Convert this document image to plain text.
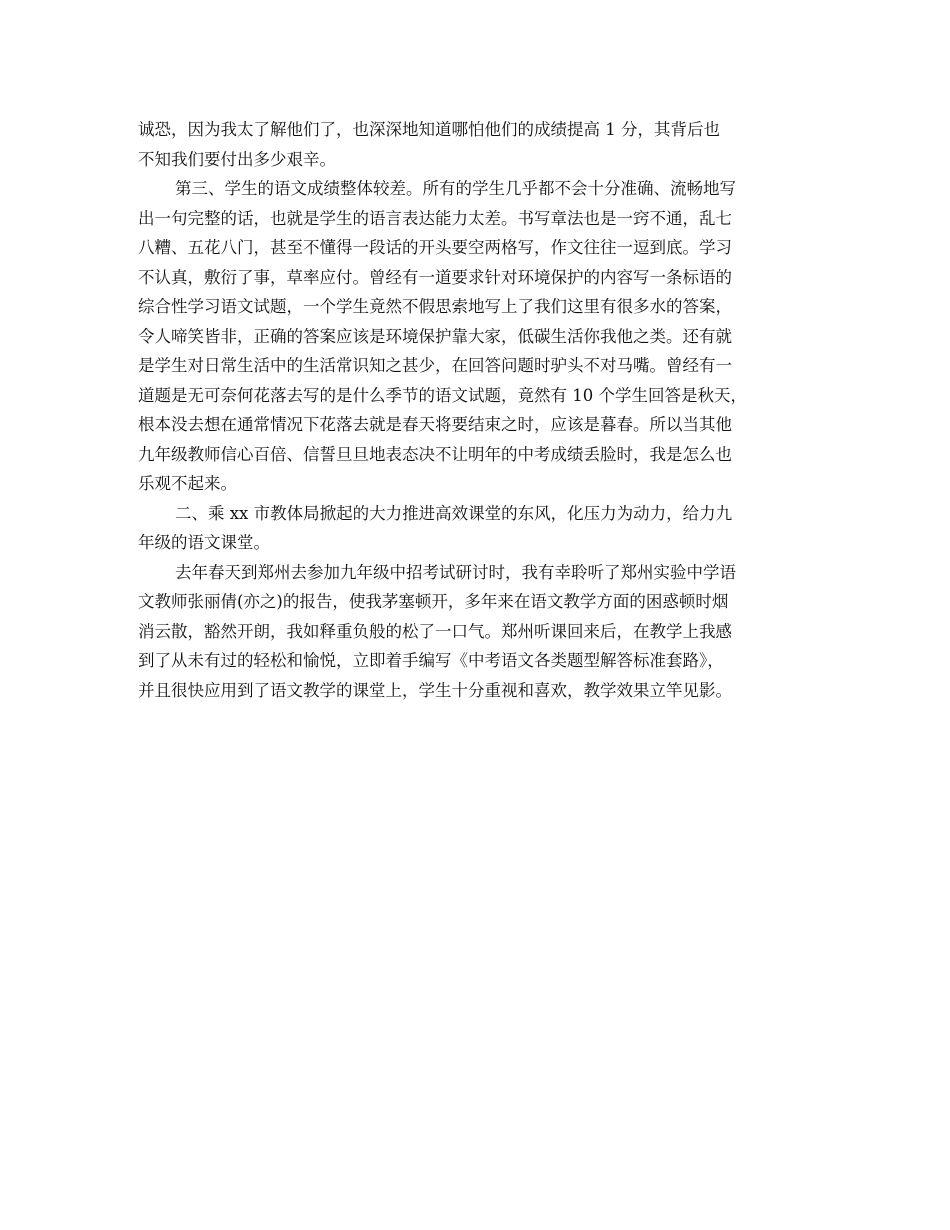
诚恐，因为我太了解他们了，也深深地知道哪怕他们的成绩提高 1 分，其背后也
不知我们要付出多少艰辛。

第三、学生的语文成绩整体较差。所有的学生几乎都不会十分准确、流畅地写
出一句完整的话，也就是学生的语言表达能力太差。书写章法也是一窍不通，乱七
八糟、五花八门，甚至不懂得一段话的开头要空两格写，作文往往一逗到底。学习
不认真，敷衍了事，草率应付。曾经有一道要求针对环境保护的内容写一条标语的
综合性学习语文试题，一个学生竟然不假思索地写上了我们这里有很多水的答案，
令人啼笑皆非，正确的答案应该是环境保护靠大家，低碳生活你我他之类。还有就
是学生对日常生活中的生活常识知之甚少，在回答问题时驴头不对马嘴。曾经有一
道题是无可奈何花落去写的是什么季节的语文试题，竟然有 10 个学生回答是秋天，
根本没去想在通常情况下花落去就是春天将要结束之时，应该是暮春。所以当其他
九年级教师信心百倍、信誓旦旦地表态决不让明年的中考成绩丢脸时，我是怎么也
乐观不起来。

二、乘 xx 市教体局掀起的大力推进高效课堂的东风，化压力为动力，给力九
年级的语文课堂。

去年春天到郑州去参加九年级中招考试研讨时，我有幸聆听了郑州实验中学语
文教师张丽倩(亦之)的报告，使我茅塞顿开，多年来在语文教学方面的困惑顿时烟
消云散，豁然开朗，我如释重负般的松了一口气。郑州听课回来后，在教学上我感
到了从未有过的轻松和愉悦，立即着手编写《中考语文各类题型解答标准套路》，
并且很快应用到了语文教学的课堂上，学生十分重视和喜欢，教学效果立竿见影。
